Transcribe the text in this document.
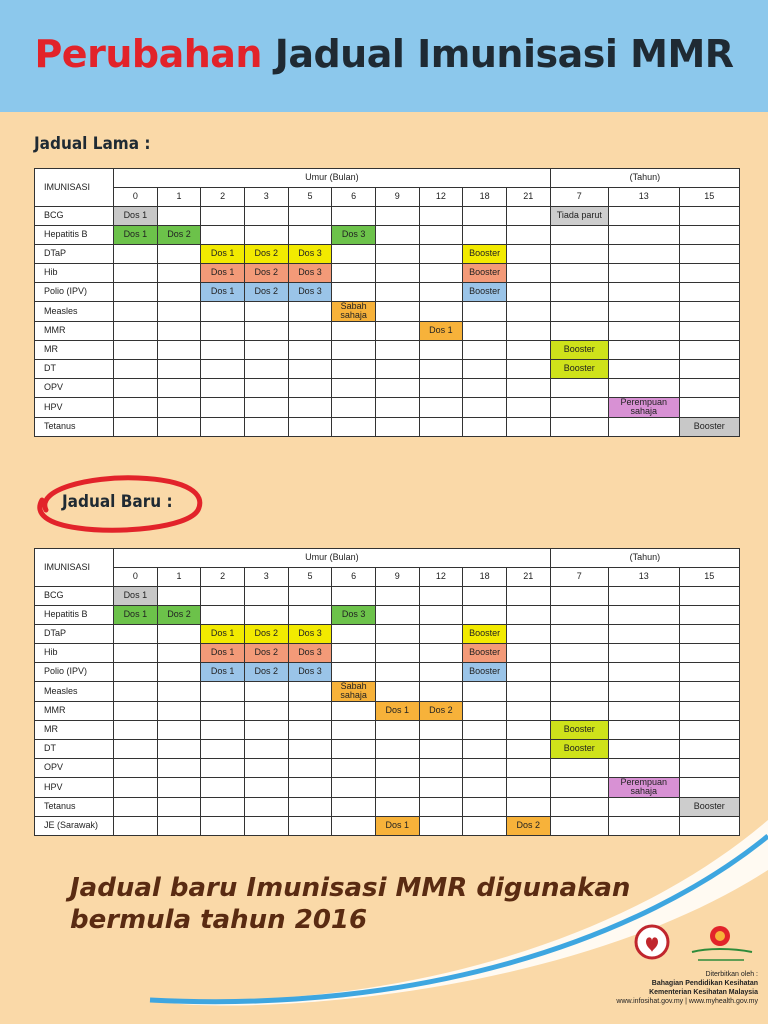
Perubahan Jadual Imunisasi MMR
Jadual Lama :
IMUNISASI	Umur (Bulan)										(Tahun)		
	0	1	2	3	5	6	9	12	18	21	7	13	15
BCG	Dos 1										Tiada parut		
Hepatitis B	Dos 1	Dos 2				Dos 3							
DTaP			Dos 1	Dos 2	Dos 3				Booster				
Hib			Dos 1	Dos 2	Dos 3				Booster				
Polio (IPV)			Dos 1	Dos 2	Dos 3				Booster				
Measles						Sabah sahaja							
MMR								Dos 1					
MR											Booster		
DT											Booster		
OPV													
HPV												Perempuan sahaja	
Tetanus													Booster
Jadual Baru :
IMUNISASI	Umur (Bulan)										(Tahun)		
	0	1	2	3	5	6	9	12	18	21	7	13	15
BCG	Dos 1												
Hepatitis B	Dos 1	Dos 2				Dos 3							
DTaP			Dos 1	Dos 2	Dos 3				Booster				
Hib			Dos 1	Dos 2	Dos 3				Booster				
Polio (IPV)			Dos 1	Dos 2	Dos 3				Booster				
Measles						Sabah sahaja							
MMR							Dos 1	Dos 2					
MR											Booster		
DT											Booster		
OPV													
HPV												Perempuan sahaja	
Tetanus													Booster
JE (Sarawak)							Dos 1			Dos 2			
Jadual baru Imunisasi MMR digunakan
bermula tahun 2016
Diterbitkan oleh :
Bahagian Pendidikan Kesihatan
Kementerian Kesihatan Malaysia
www.infosihat.gov.my | www.myhealth.gov.my
